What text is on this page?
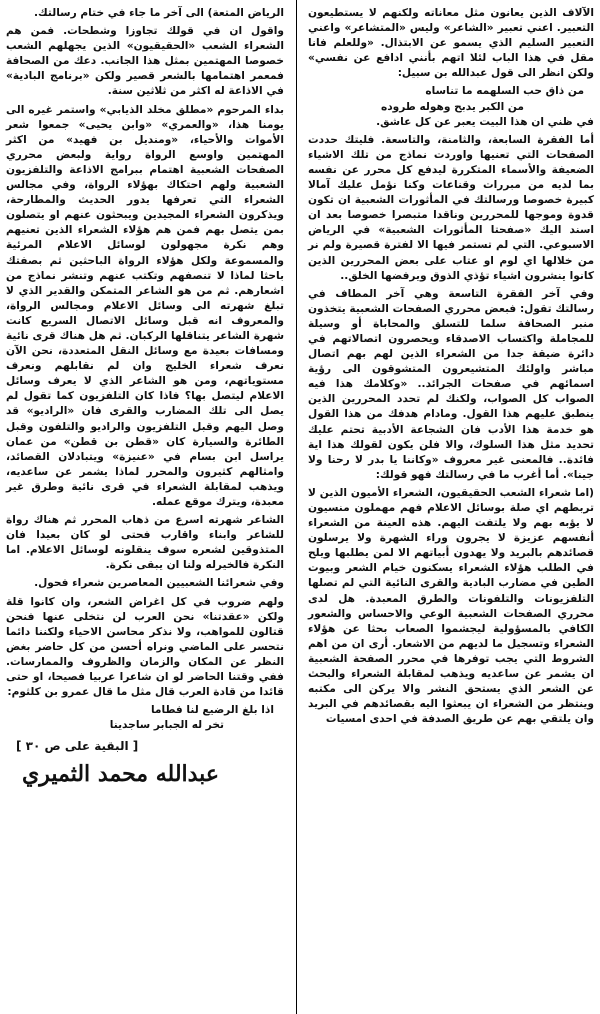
الآلاف الذين يعانون مثل معاناته ولكنهم لا يستطيعون التعبير. اعني تعبير «الشاعر» وليس «المتشاعر» واعني التعبير السليم الذي يسمو عن الابتذال. «وللعلم فانا مقل في هذا الباب لئلا اتهم بأنني ادافع عن نفسي» ولكن انظر الى قول عبدالله بن سبيل:

من ذاق حب السلهمه ما تناساه
من الكبر يدبح وهوله طروده

في ظني ان هذا البيت يعبر عن كل عاشق.

أما الفقرة السابعة، والثامنة، والتاسعة. فليتك حددت الصفحات التي تعنيها واوردت نماذج من تلك الاشياء الضعيفة والأسماء المتكررة ليدفع كل محرر عن نفسه بما لديه من مبررات وقناعات وكنا نؤمل عليك آمالا كبيرة خصوصا ورسالتك في المأثورات الشعبية ان تكون قدوة وموجها للمحررين وناقدا متبصرا خصوصا بعد ان اسند اليك «صفحتا المأثورات الشعبية» في الرياض الاسبوعي. التي لم تستمر فيها الا لفترة قصيرة ولم نر من خلالها اي لوم او عتاب على بعض المحررين الذين كانوا ينشرون اشياء تؤذي الذوق ويرفضها الخلق..

وفي آخر الفقرة التاسعة وهي آخر المطاف في رسالتك تقول: فبعض محرري الصفحات الشعبية يتخذون منبر الصحافة سلما للتسلق والمحاباة أو وسيلة للمجاملة واكتساب الاصدقاء ويحصرون اتصالاتهم في دائرة ضيقة جدا من الشعراء الذين لهم بهم اتصال مباشر واولئك المتشيعرون المتشوقون الى رؤية اسمائهم في صفحات الجرائد.. «وكلامك هذا فيه الصواب كل الصواب، ولكنك لم تحدد المحررين الذين ينطبق عليهم هذا القول. ومادام هدفك من هذا القول هو خدمة هذا الأدب فان الشجاعة الأدبية تحتم عليك تحديد مثل هذا السلوك، والا فلن يكون لقولك هذا اية فائدة.. فالمعنى غير معروف «وكاننا يا بدر لا رحنا ولا جينا». أما أغرب ما في رسالتك فهو قولك:

(اما شعراء الشعب الحقيقيون، الشعراء الأميون الذين لا تربطهم اي صلة بوسائل الاعلام فهم مهملون منسيون لا يؤبه بهم ولا يلتفت اليهم. هذه العينة من الشعراء أنفسهم عزيزة لا يجرون وراء الشهرة ولا يرسلون قصائدهم بالبريد ولا يهدون أبياتهم الا لمن يطلبها ويلح في الطلب هؤلاء الشعراء يسكنون خيام الشعر وبيوت الطين في مضارب البادية والقرى النائية التي لم تصلها التلفزيونات والتلفونات والطرق المعبدة. هل لدى محرري الصفحات الشعبية الوعي والاحساس والشعور الكافي بالمسؤولية ليجشموا الصعاب بحثا عن هؤلاء الشعراء وتسجيل ما لديهم من الاشعار. أرى ان من اهم الشروط التي يجب توفرها في محرر الصفحة الشعبية ان يشمر عن ساعديه ويذهب لمقابلة الشعراء والبحث عن الشعر الذي يستحق النشر والا يركن الى مكتبه وينتظر من الشعراء ان يبعثوا اليه بقصائدهم في البريد وان يلتقي بهم عن طريق الصدفة في احدى امسيات

الرياض المتعة) الى آخر ما جاء في ختام رسالتك.

واقول ان في قولك تجاوزا وشطحات. فمن هم الشعراء الشعب «الحقيقيون» الذين يجهلهم الشعب خصوصا المهتمين بمثل هذا الجانب. دعك من الصحافة فمعمر اهتمامها بالشعر قصير ولكن «برنامج البادية» في الاذاعة له اكثر من ثلاثين سنة.

بداء المرحوم «مطلق مخلد الذيابي» واستمر غيره الى يومنا هذا، «والعمري» «وابن يحيى» جمعوا شعر الأموات والأحياء، «ومنديل بن فهيد» من اكثر المهتمين واوسع الرواة رواية ولبعض محرري الصفحات الشعبية اهتمام ببرامج الاذاعة والتلفزيون الشعبية ولهم احتكاك بهؤلاء الرواة، وفي مجالس الشعراء التي تعرفها يدور الحديث والمطارحة، ويذكرون الشعراء المجيدين ويبحثون عنهم او يتصلون بمن يتصل بهم فمن هم هؤلاء الشعراء الذين تعنيهم وهم نكرة مجهولون لوسائل الاعلام المرئية والمسموعة ولكل هؤلاء الرواة الباحثين ثم بصفتك باحثا لماذا لا تنصفهم وتكتب عنهم وتنشر نماذج من اشعارهم. ثم من هو الشاعر المتمكن والقدير الذي لا تبلغ شهرته الى وسائل الاعلام ومجالس الرواة، والمعروف انه قبل وسائل الاتصال السريع كانت شهرة الشاعر يتناقلها الركبان. ثم هل هناك قرى نائية ومسافات بعيدة مع وسائل النقل المتعددة، نحن الآن نعرف شعراء الخليج وان لم نقابلهم ونعرف مستوياتهم، ومن هو الشاعر الذي لا يعرف وسائل الاعلام ليتصل بها؟ فاذا كان التلفزيون كما تقول لم يصل الى تلك المضارب والقرى فان «الراديو» قد وصل اليهم وقبل التلفزيون والراديو والتلفون وقبل الطائرة والسيارة كان «قطن بن قطن» من عمان يراسل ابن بسام في «عنيزة» ويتبادلان القصائد، وامثالهم كثيرون والمحرر لماذا يشمر عن ساعديه، ويذهب لمقابلة الشعراء في قرى نائية وطرق غير معبدة، ويترك موقع عمله.

الشاعر شهرته اسرع من ذهاب المحرر ثم هناك رواة للشاعر وابناء واقارب فحتى لو كان بعيدا فان المتذوقين لشعره سوف ينقلونه لوسائل الاعلام. اما النكرة فالخيرله ولنا ان يبقى نكرة.

وفي شعرائنا الشعبيين المعاصرين شعراء فحول.

ولهم ضروب في كل اغراض الشعر، وان كانوا قلة ولكن «عقدتنا» نحن العرب لن نتخلى عنها فنحن قتالون للمواهب، ولا نذكر محاسن الاحياء ولكننا دائما نتحسر على الماضي ونراه أحسن من كل حاضر بغض النظر عن المكان والزمان والظروف والممارسات. ففي وقتنا الحاضر لو ان شاعرا عربيا فصيحا، او حتى قائدا من قادة العرب قال مثل ما قال عمرو بن كلثوم:

اذا بلغ الرضيع لنا فطاما
تخر له الجبابر ساجدينا
[ البقية على ص ٣٠ ]
عبدالله محمد الثميري
